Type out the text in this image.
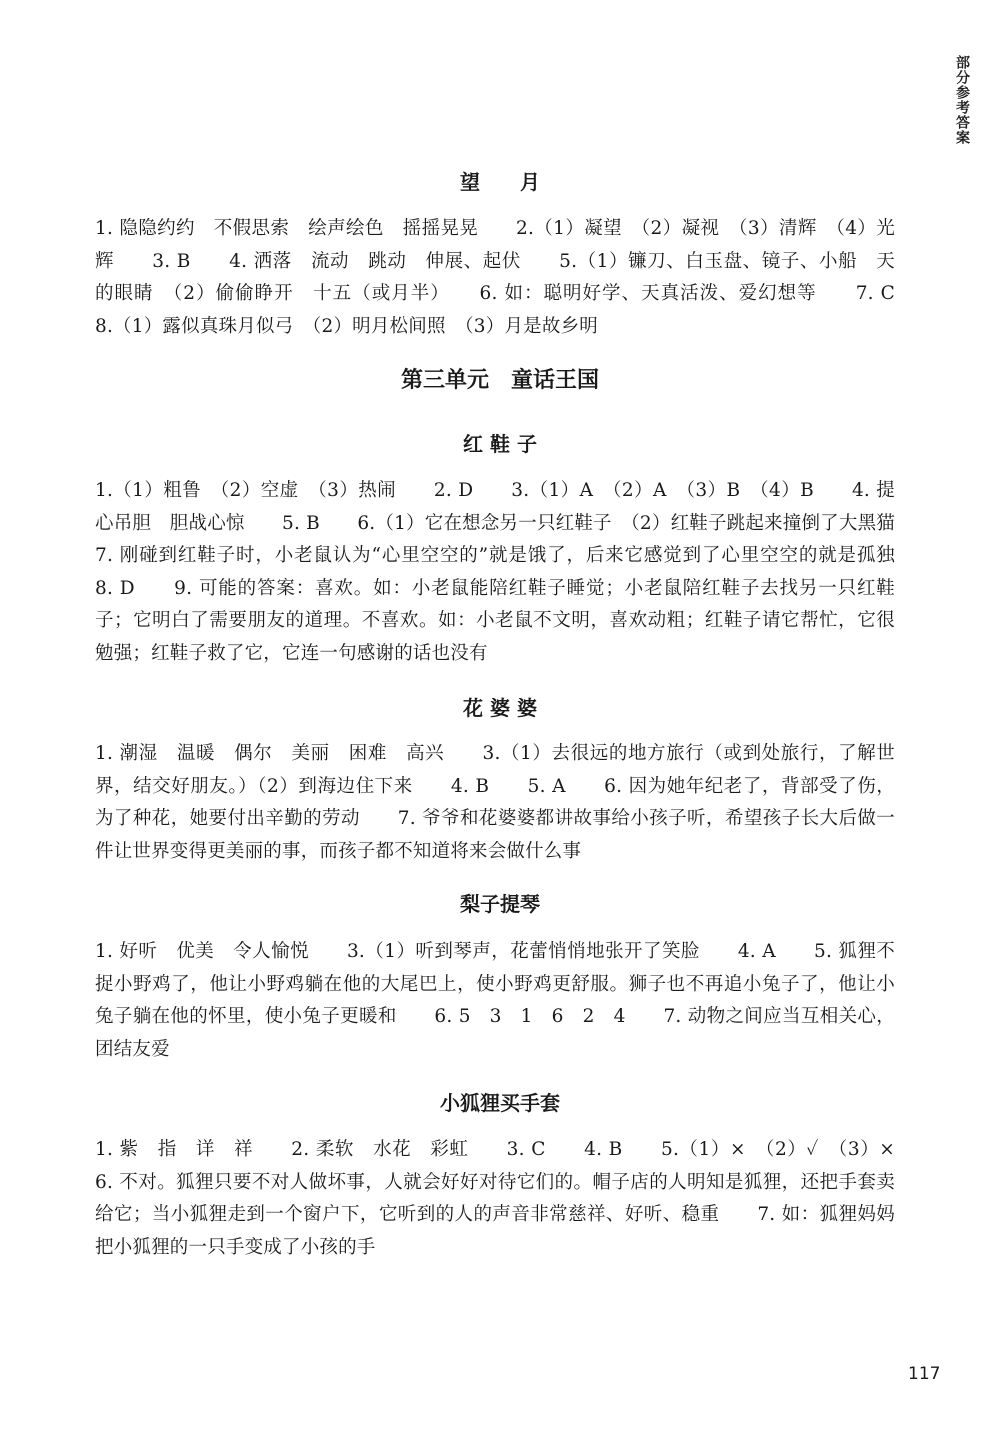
部分参考答案
望　　月
1. 隐隐约约　不假思索　绘声绘色　摇摇晃晃　　2.（1）凝望　（2）凝视　（3）清辉　（4）光辉　　3. B　　4. 洒落　流动　跳动　伸展、起伏　　5.（1）镰刀、白玉盘、镜子、小船　天的眼睛　（2）偷偷睁开　十五（或月半）　　6. 如：聪明好学、天真活泼、爱幻想等　　7. C　　8.（1）露似真珠月似弓　（2）明月松间照　（3）月是故乡明
第三单元　童话王国
红 鞋 子
1.（1）粗鲁　（2）空虚　（3）热闹　　2. D　　3.（1）A　（2）A　（3）B　（4）B　　4. 提心吊胆　胆战心惊　　5. B　　6.（1）它在想念另一只红鞋子　（2）红鞋子跳起来撞倒了大黑猫　　7. 刚碰到红鞋子时，小老鼠认为“心里空空的”就是饿了，后来它感觉到了心里空空的就是孤独　　8. D　　9. 可能的答案：喜欢。如：小老鼠能陪红鞋子睡觉；小老鼠陪红鞋子去找另一只红鞋子；它明白了需要朋友的道理。不喜欢。如：小老鼠不文明，喜欢动粗；红鞋子请它帮忙，它很勉强；红鞋子救了它，它连一句感谢的话也没有
花 婆 婆
1. 潮湿　温暖　偶尔　美丽　困难　高兴　　3.（1）去很远的地方旅行（或到处旅行，了解世界，结交好朋友。）（2）到海边住下来　　4. B　　5. A　　6. 因为她年纪老了，背部受了伤，为了种花，她要付出辛勤的劳动　　7. 爷爷和花婆婆都讲故事给小孩子听，希望孩子长大后做一件让世界变得更美丽的事，而孩子都不知道将来会做什么事
梨子提琴
1. 好听　优美　令人愉悦　　3.（1）听到琴声，花蕾悄悄地张开了笑脸　　4. A　　5. 狐狸不捉小野鸡了，他让小野鸡躺在他的大尾巴上，使小野鸡更舒服。狮子也不再追小兔子了，他让小兔子躺在他的怀里，使小兔子更暖和　　6. 5　3　1　6　2　4　　7. 动物之间应当互相关心，团结友爱
小狐狸买手套
1. 紫　指　详　祥　　2. 柔软　水花　彩虹　　3. C　　4. B　　5.（1）×　（2）✓　（3）×　　6. 不对。狐狸只要不对人做坏事，人就会好好对待它们的。帽子店的人明知是狐狸，还把手套卖给它；当小狐狸走到一个窗户下，它听到的人的声音非常慈祥、好听、稳重　　7. 如：狐狸妈妈把小狐狸的一只手变成了小孩的手
117
